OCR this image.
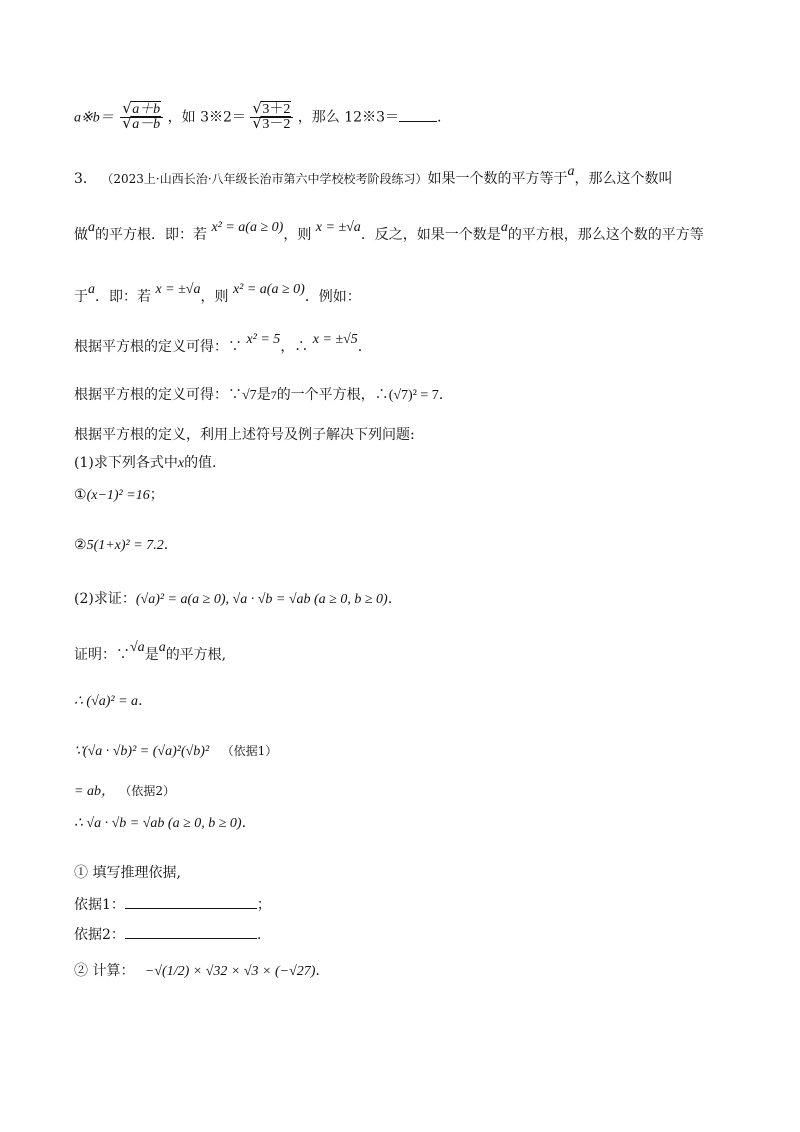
a※b＝ √ a＋b
√ a－b ，如 3※2＝ √ 3＋2
√ 3－2 ，那么 12※3＝	.
3． （2023上·山西长治·八年级长治市第六中学校校考阶段练习）如果一个数的平方等于a，那么这个数叫
做a的平方根．即：若 x² = a(a ≥ 0)，则 x = ±√a．反之，如果一个数是a的平方根，那么这个数的平方等
于a．即：若 x = ±√a，则 x² = a(a ≥ 0)．例如：
根据平方根的定义可得：∵ x² = 5，∴ x = ±√5.
根据平方根的定义可得：∵√7是7的一个平方根，∴(√7)² = 7.
根据平方根的定义，利用上述符号及例子解决下列问题:
(1)求下列各式中x的值.
①(x−1)² =16；
②5(1+x)² = 7.2.
(2)求证：(√a)² = a(a ≥ 0), √a · √b = √ab (a ≥ 0, b ≥ 0).
证明：∵√a是a的平方根,
∴ (√a)² = a.
∵(√a · √b)² = (√a)²(√b)² （依据1）
= ab， （依据2）
∴ √a · √b = √ab (a ≥ 0, b ≥ 0).
① 填写推理依据,
依据1：	；
依据2：	.
② 计算： −√(1/2) × √32 × √3 × (−√27).
